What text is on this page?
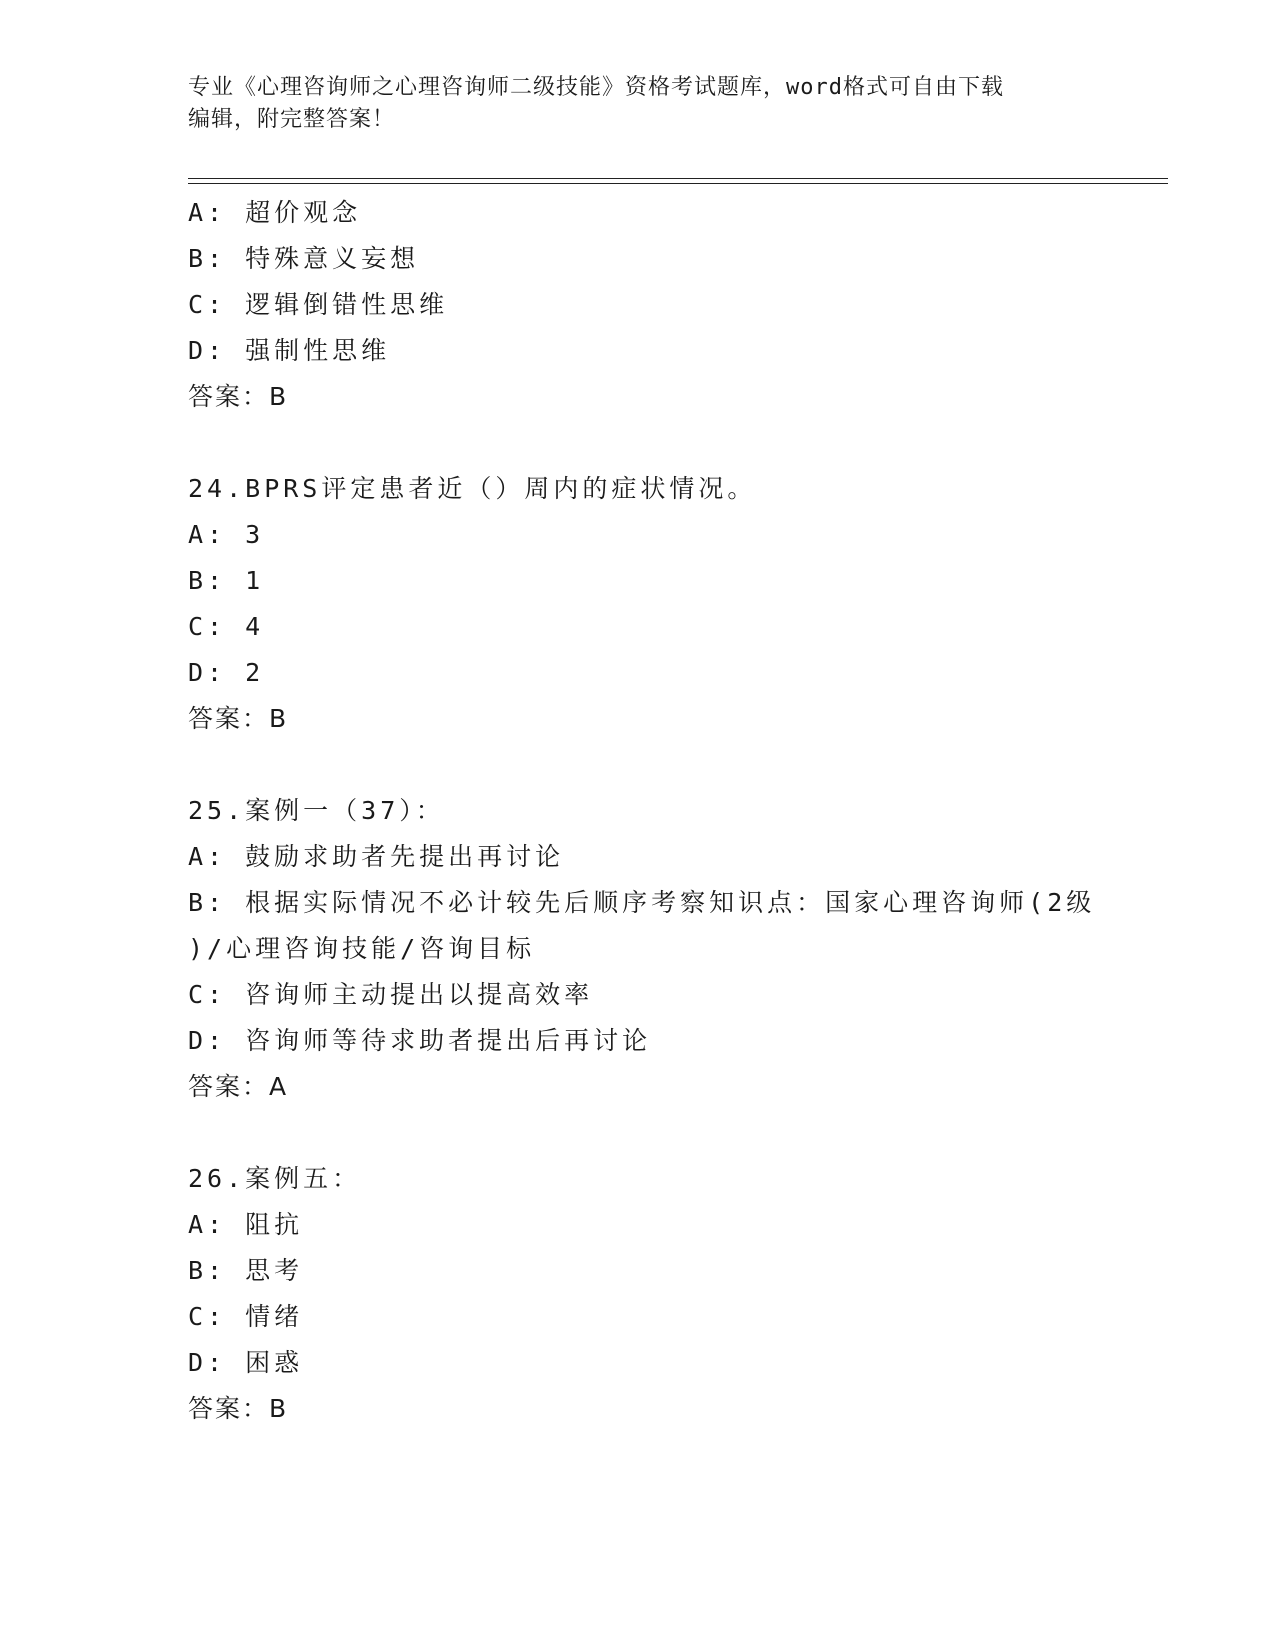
专业《心理咨询师之心理咨询师二级技能》资格考试题库，word格式可自由下载
编辑，附完整答案！
A: 超价观念
B: 特殊意义妄想
C: 逻辑倒错性思维
D: 强制性思维
答案：B
24.BPRS评定患者近（）周内的症状情况。
A: 3
B: 1
C: 4
D: 2
答案：B
25.案例一（37）：
A: 鼓励求助者先提出再讨论
B: 根据实际情况不必计较先后顺序考察知识点：国家心理咨询师(2级
)/心理咨询技能/咨询目标
C: 咨询师主动提出以提高效率
D: 咨询师等待求助者提出后再讨论
答案：A
26.案例五：
A: 阻抗
B: 思考
C: 情绪
D: 困惑
答案：B
